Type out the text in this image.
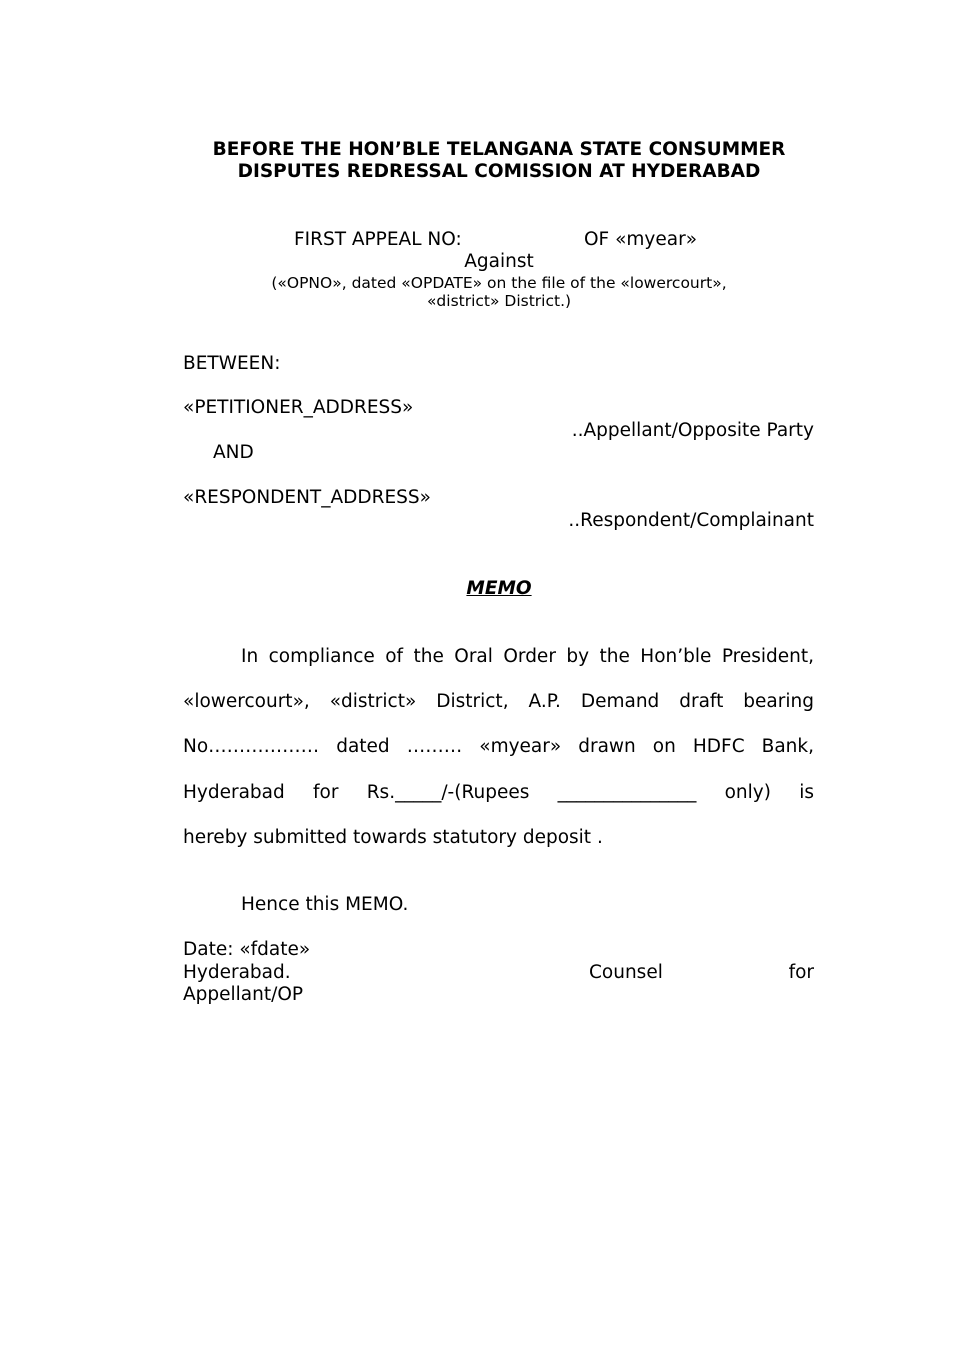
BEFORE THE HON’BLE TELANGANA STATE CONSUMMER
DISPUTES REDRESSAL COMISSION AT HYDERABAD
FIRST APPEAL NO:	OF «myear»
Against
(«OPNO», dated «OPDATE» on the file of the «lowercourt»,
«district» District.)
BETWEEN:
«PETITIONER_ADDRESS»
..Appellant/Opposite Party
AND
«RESPONDENT_ADDRESS»
..Respondent/Complainant
MEMO
In compliance of the Oral Order by the Hon’ble President,
«lowercourt», «district» District, A.P. Demand draft bearing
No……………… dated ……… «myear» drawn on HDFC Bank,
Hyderabad for Rs._____/-(Rupees _______________ only) is
hereby submitted towards statutory deposit .
Hence this MEMO.
Date: «fdate»
Hyderabad.	Counsel	for
Appellant/OP
